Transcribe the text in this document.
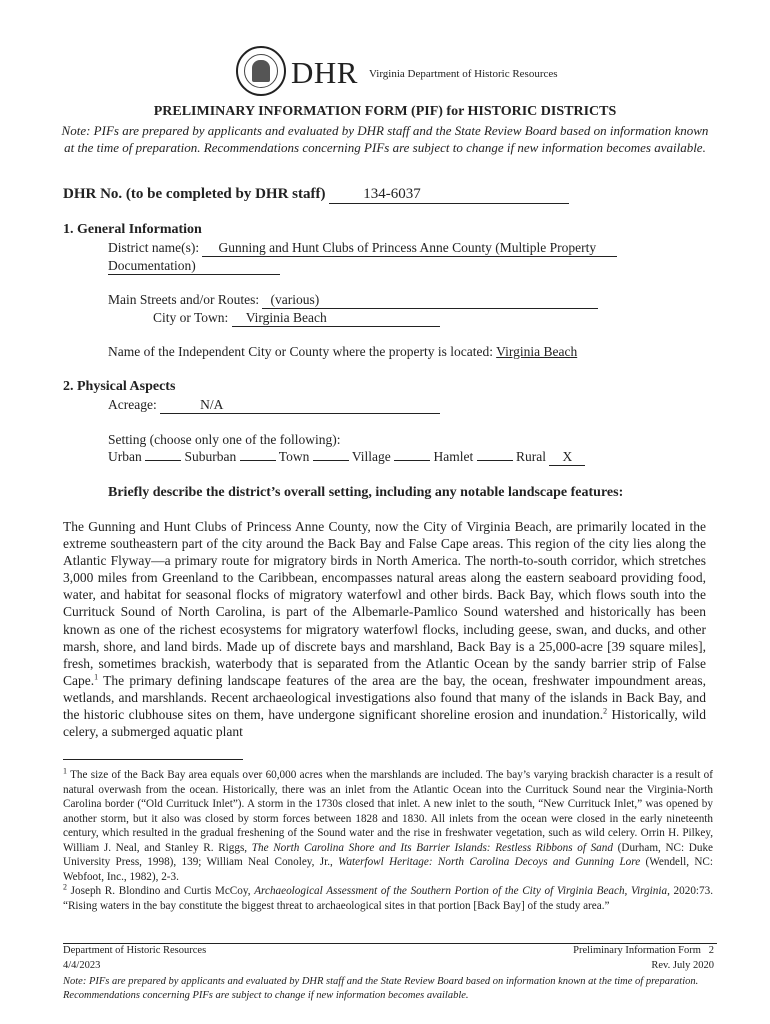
DHR Virginia Department of Historic Resources
PRELIMINARY INFORMATION FORM (PIF) for HISTORIC DISTRICTS
Note: PIFs are prepared by applicants and evaluated by DHR staff and the State Review Board based on information known at the time of preparation. Recommendations concerning PIFs are subject to change if new information becomes available.
DHR No. (to be completed by DHR staff)	134-6037
1. General Information
District name(s): Gunning and Hunt Clubs of Princess Anne County (Multiple Property
Documentation)
Main Streets and/or Routes: (various)
City or Town: Virginia Beach
Name of the Independent City or County where the property is located: Virginia Beach
2. Physical Aspects
Acreage:	N/A
Setting (choose only one of the following):
Urban	Suburban	Town	Village	Hamlet	Rural X
Briefly describe the district’s overall setting, including any notable landscape features:
The Gunning and Hunt Clubs of Princess Anne County, now the City of Virginia Beach, are primarily located in the extreme southeastern part of the city around the Back Bay and False Cape areas. This region of the city lies along the Atlantic Flyway—a primary route for migratory birds in North America. The north-to-south corridor, which stretches 3,000 miles from Greenland to the Caribbean, encompasses natural areas along the eastern seaboard providing food, water, and habitat for seasonal flocks of migratory waterfowl and other birds. Back Bay, which flows south into the Currituck Sound of North Carolina, is part of the Albemarle-Pamlico Sound watershed and historically has been known as one of the richest ecosystems for migratory waterfowl flocks, including geese, swan, and ducks, and other marsh, shore, and land birds. Made up of discrete bays and marshland, Back Bay is a 25,000-acre [39 square miles], fresh, sometimes brackish, waterbody that is separated from the Atlantic Ocean by the sandy barrier strip of False Cape.$^1$ The primary defining landscape features of the area are the bay, the ocean, freshwater impoundment areas, wetlands, and marshlands. Recent archaeological investigations also found that many of the islands in Back Bay, and the historic clubhouse sites on them, have undergone significant shoreline erosion and inundation.$^2$ Historically, wild celery, a submerged aquatic plant
$^1$ The size of the Back Bay area equals over 60,000 acres when the marshlands are included. The bay’s varying brackish character is a result of natural overwash from the ocean. Historically, there was an inlet from the Atlantic Ocean into the Currituck Sound near the Virginia-North Carolina border (“Old Currituck Inlet”). A storm in the 1730s closed that inlet. A new inlet to the south, “New Currituck Inlet,” was opened by another storm, but it also was closed by storm forces between 1828 and 1830. All inlets from the ocean were closed in the early nineteenth century, which resulted in the gradual freshening of the Sound water and the rise in freshwater vegetation, such as wild celery. Orrin H. Pilkey, William J. Neal, and Stanley R. Riggs, The North Carolina Shore and Its Barrier Islands: Restless Ribbons of Sand (Durham, NC: Duke University Press, 1998), 139; William Neal Conoley, Jr., Waterfowl Heritage: North Carolina Decoys and Gunning Lore (Wendell, NC: Webfoot, Inc., 1982), 2-3.
$^2$ Joseph R. Blondino and Curtis McCoy, Archaeological Assessment of the Southern Portion of the City of Virginia Beach, Virginia, 2020:73. “Rising waters in the bay constitute the biggest threat to archaeological sites in that portion [Back Bay] of the study area.”
Department of Historic Resources	Preliminary Information Form 2
4/4/2023	Rev. July 2020
Note: PIFs are prepared by applicants and evaluated by DHR staff and the State Review Board based on information known at the time of preparation. Recommendations concerning PIFs are subject to change if new information becomes available.
